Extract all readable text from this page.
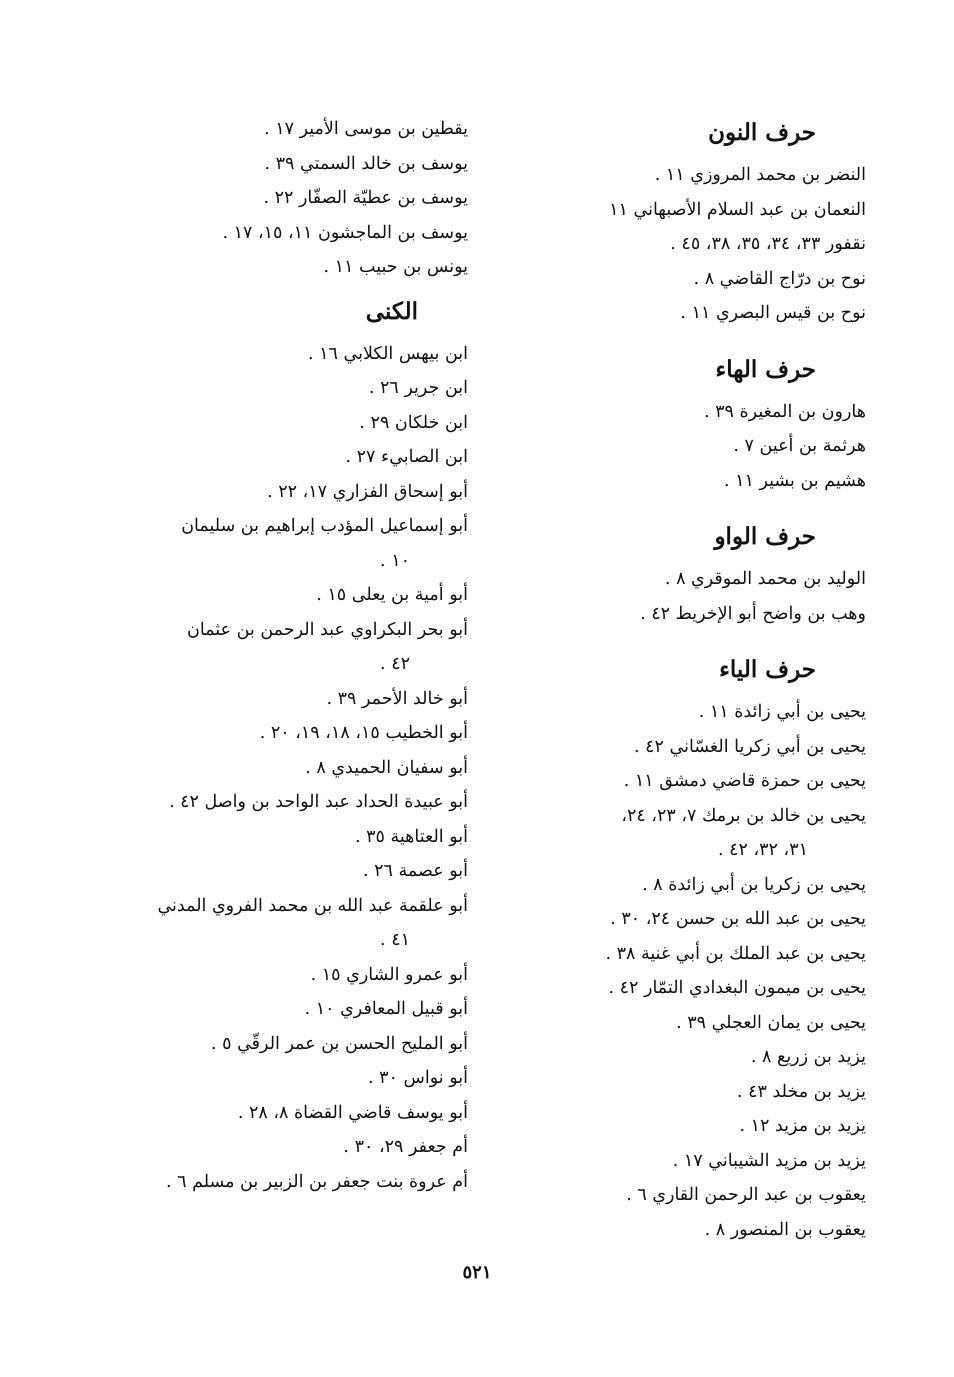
حرف النون
النضر بن محمد المروزي ١١ .
النعمان بن عبد السلام الأصبهاني ١١
نقفور ٣٣، ٣٤، ٣٥، ٣٨، ٤٥ .
نوح بن درّاج القاضي ٨ .
نوح بن قيس البصري ١١ .
حرف الهاء
هارون بن المغيرة ٣٩ .
هرثمة بن أعين ٧ .
هشيم بن بشير ١١ .
حرف الواو
الوليد بن محمد الموقري ٨ .
وهب بن واضح أبو الإخريط ٤٢ .
حرف الياء
يحيى بن أبي زائدة ١١ .
يحيى بن أبي زكريا الغسّاني ٤٢ .
يحيى بن حمزة قاضي دمشق ١١ .
يحيى بن خالد بن برمك ٧، ٢٣، ٢٤،
٣١، ٣٢، ٤٢ .
يحيى بن زكريا بن أبي زائدة ٨ .
يحيى بن عبد الله بن حسن ٢٤، ٣٠ .
يحيى بن عبد الملك بن أبي غنية ٣٨ .
يحيى بن ميمون البغدادي التمّار ٤٢ .
يحيى بن يمان العجلي ٣٩ .
يزيد بن زريع ٨ .
يزيد بن مخلد ٤٣ .
يزيد بن مزيد ١٢ .
يزيد بن مزيد الشيباني ١٧ .
يعقوب بن عبد الرحمن القاري ٦ .
يعقوب بن المنصور ٨ .
يقطين بن موسى الأمير ١٧ .
يوسف بن خالد السمتي ٣٩ .
يوسف بن عطيّة الصفّار ٢٢ .
يوسف بن الماجشون ١١، ١٥، ١٧ .
يونس بن حبيب ١١ .
الكنى
ابن بيهس الكلابي ١٦ .
ابن جرير ٢٦ .
ابن خلكان ٢٩ .
ابن الصابيء ٢٧ .
أبو إسحاق الفزاري ١٧، ٢٢ .
أبو إسماعيل المؤدب إبراهيم بن سليمان
١٠ .
أبو أمية بن يعلى ١٥ .
أبو بحر البكراوي عبد الرحمن بن عثمان
٤٢ .
أبو خالد الأحمر ٣٩ .
أبو الخطيب ١٥، ١٨، ١٩، ٢٠ .
أبو سفيان الحميدي ٨ .
أبو عبيدة الحداد عبد الواحد بن واصل ٤٢ .
أبو العتاهية ٣٥ .
أبو عصمة ٢٦ .
أبو علقمة عبد الله بن محمد الفروي المدني
٤١ .
أبو عمرو الشاري ١٥ .
أبو قبيل المعافري ١٠ .
أبو المليح الحسن بن عمر الرقّي ٥ .
أبو نواس ٣٠ .
أبو يوسف قاضي القضاة ٨، ٢٨ .
أم جعفر ٢٩، ٣٠ .
أم عروة بنت جعفر بن الزبير بن مسلم ٦ .
٥٢١
